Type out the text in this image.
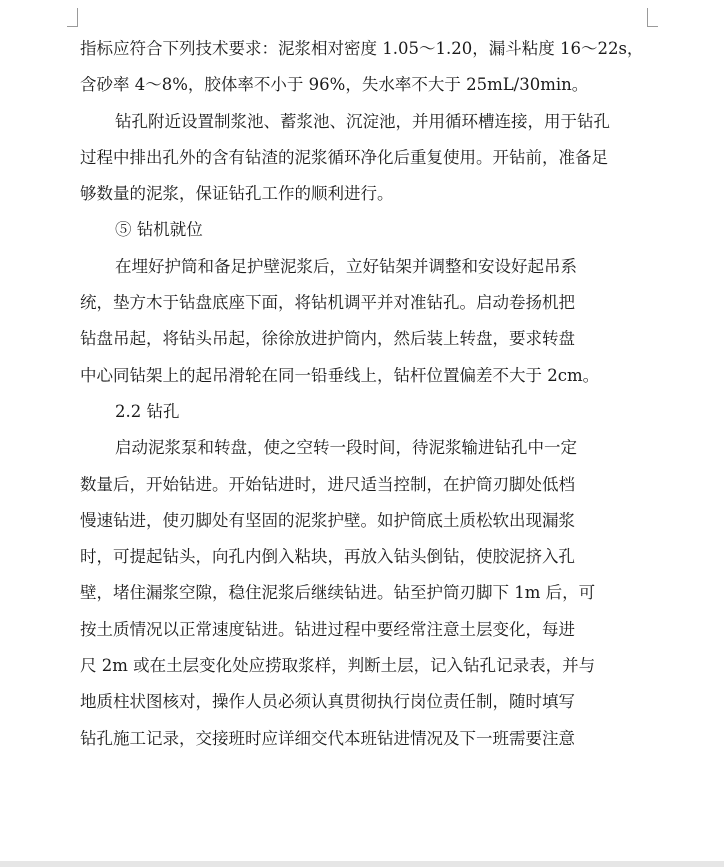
指标应符合下列技术要求：泥浆相对密度 1.05～1.20，漏斗粘度 16～22s，
含砂率 4～8%，胶体率不小于 96%，失水率不大于 25mL/30min。
钻孔附近设置制浆池、蓄浆池、沉淀池，并用循环槽连接，用于钻孔
过程中排出孔外的含有钻渣的泥浆循环净化后重复使用。开钻前，准备足
够数量的泥浆，保证钻孔工作的顺利进行。
⑤ 钻机就位
在埋好护筒和备足护壁泥浆后，立好钻架并调整和安设好起吊系
统，垫方木于钻盘底座下面，将钻机调平并对准钻孔。启动卷扬机把
钻盘吊起，将钻头吊起，徐徐放进护筒内，然后装上转盘，要求转盘
中心同钻架上的起吊滑轮在同一铅垂线上，钻杆位置偏差不大于 2cm。
2.2 钻孔
启动泥浆泵和转盘，使之空转一段时间，待泥浆输进钻孔中一定
数量后，开始钻进。开始钻进时，进尺适当控制，在护筒刃脚处低档
慢速钻进，使刃脚处有坚固的泥浆护壁。如护筒底土质松软出现漏浆
时，可提起钻头，向孔内倒入粘块，再放入钻头倒钻，使胶泥挤入孔
壁，堵住漏浆空隙，稳住泥浆后继续钻进。钻至护筒刃脚下 1m 后，可
按土质情况以正常速度钻进。钻进过程中要经常注意土层变化，每进
尺 2m 或在土层变化处应捞取浆样，判断土层，记入钻孔记录表，并与
地质柱状图核对，操作人员必须认真贯彻执行岗位责任制，随时填写
钻孔施工记录，交接班时应详细交代本班钻进情况及下一班需要注意
